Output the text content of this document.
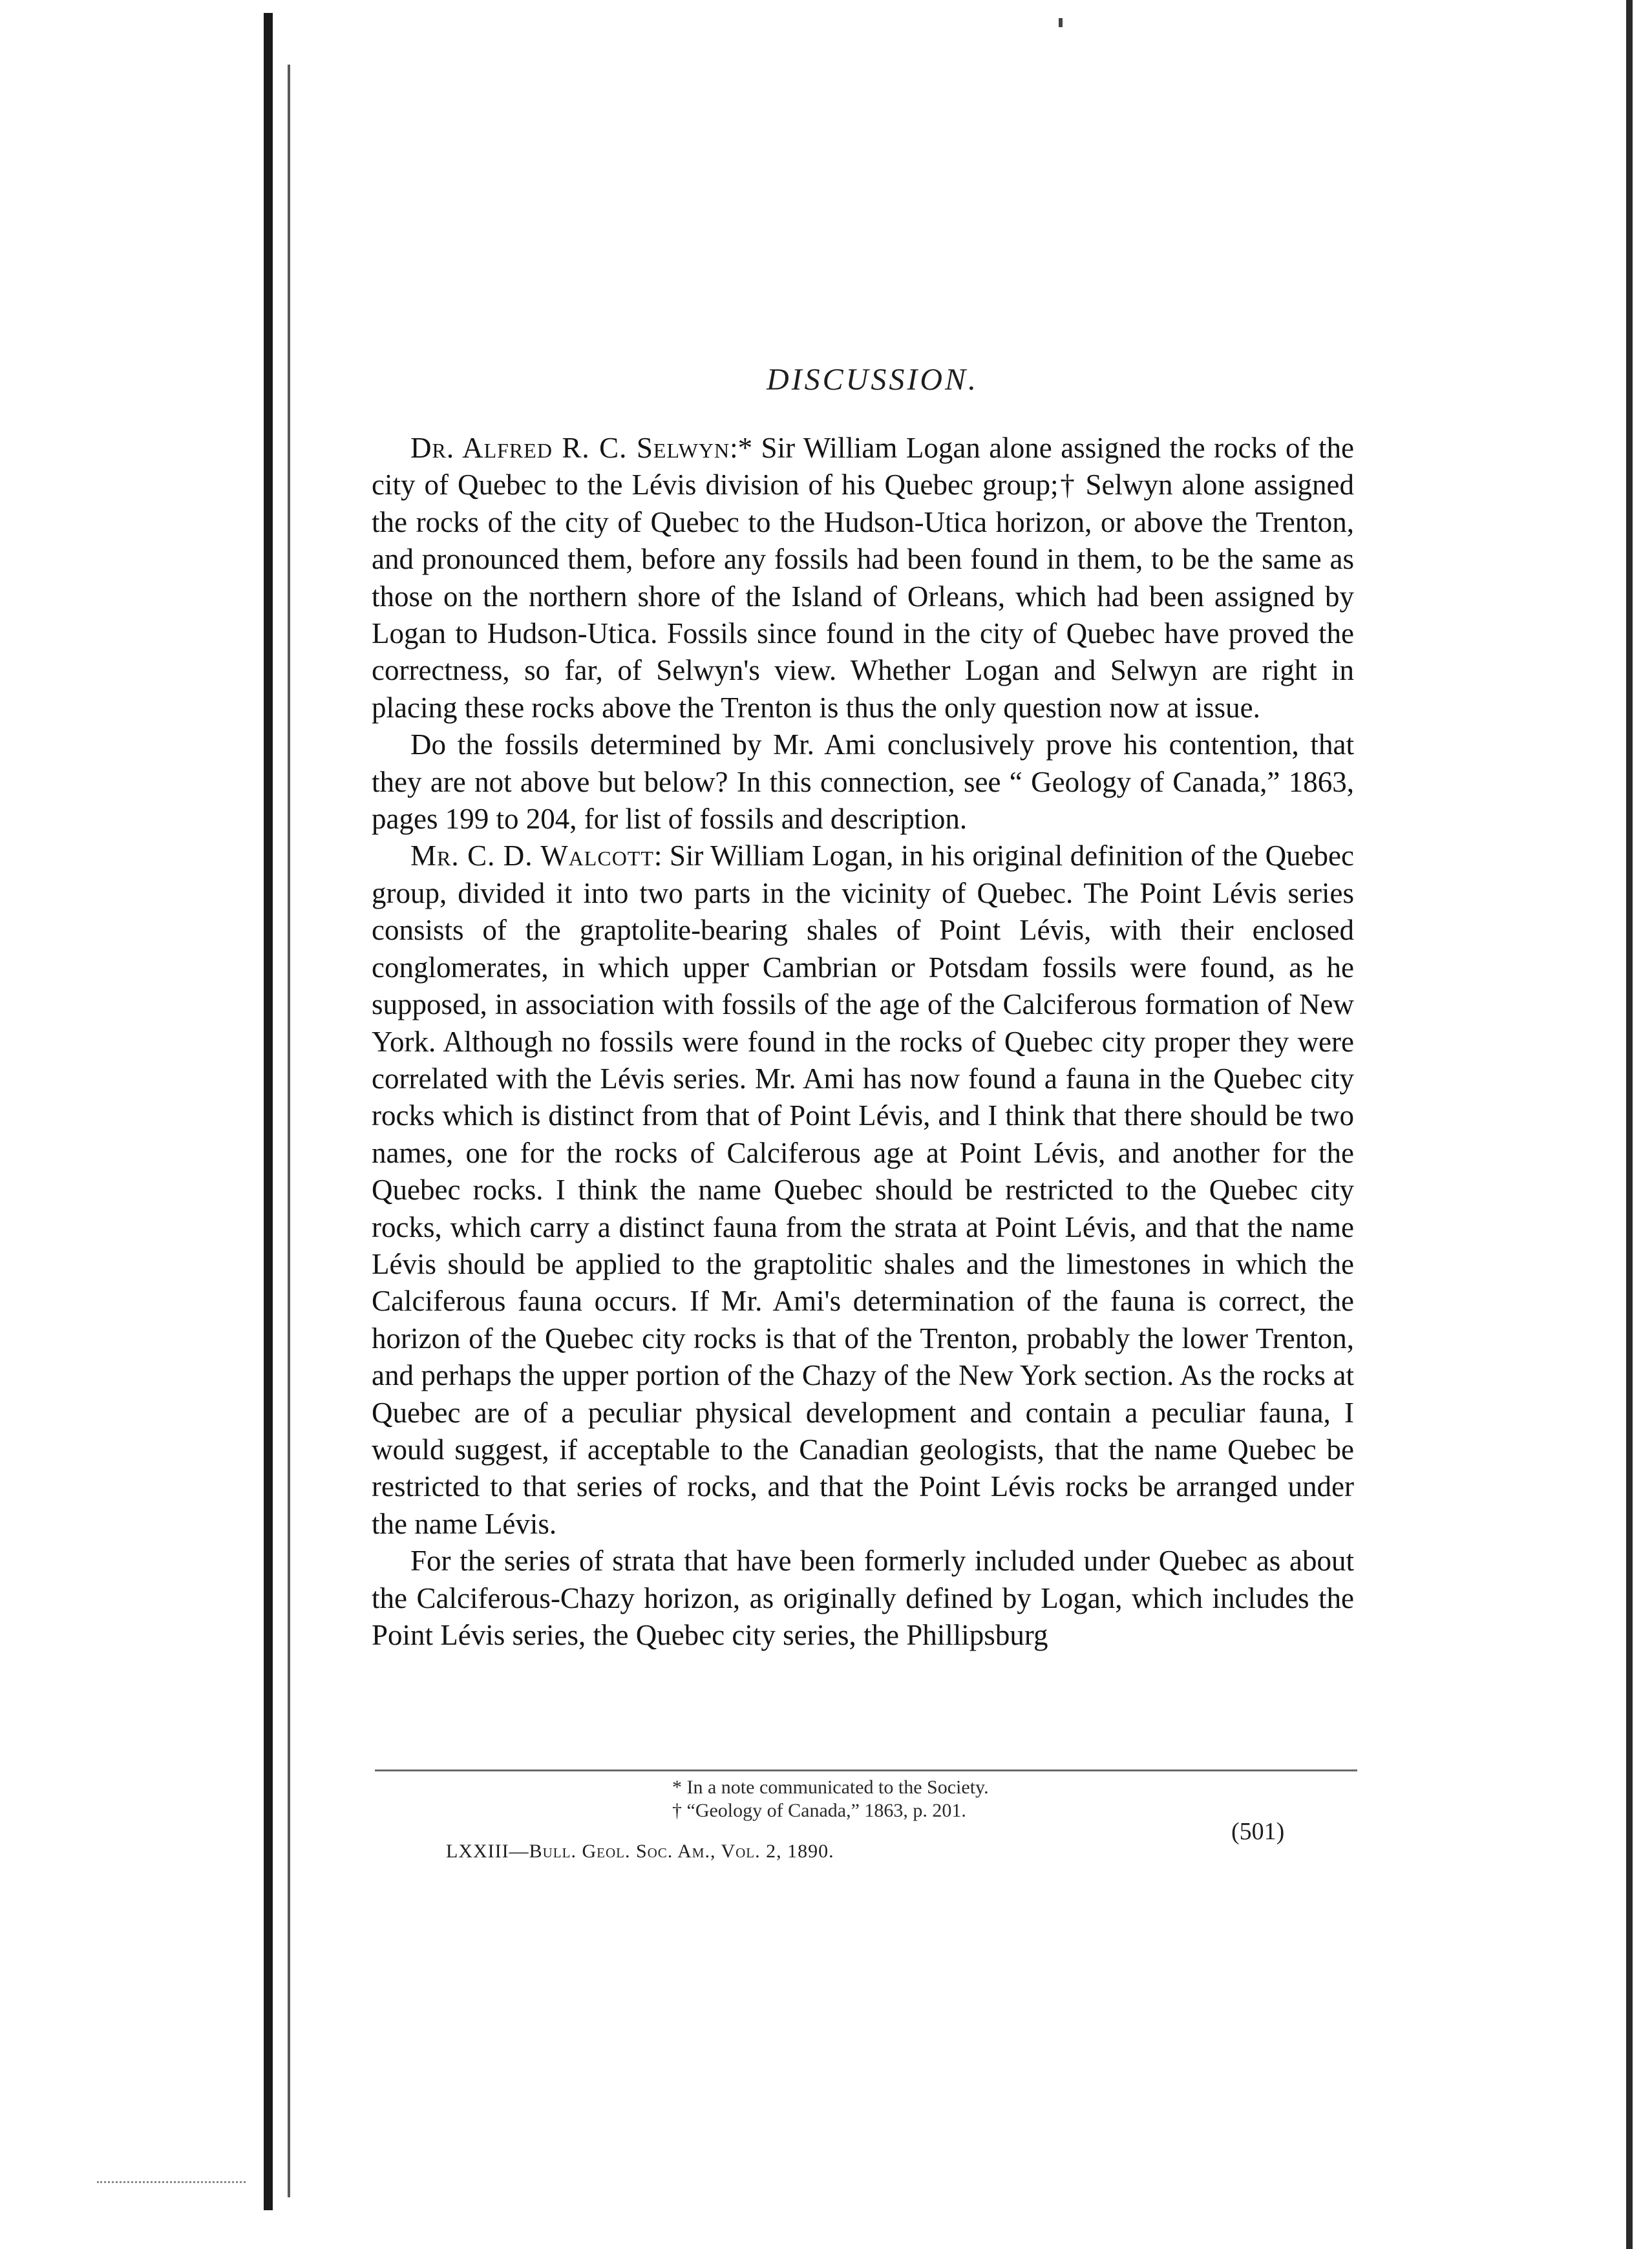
DISCUSSION.

Dr. Alfred R. C. Selwyn:* Sir William Logan alone assigned the rocks of the city of Quebec to the Lévis division of his Quebec group;† Selwyn alone assigned the rocks of the city of Quebec to the Hudson-Utica horizon, or above the Trenton, and pronounced them, before any fossils had been found in them, to be the same as those on the northern shore of the Island of Orleans, which had been assigned by Logan to Hudson-Utica. Fossils since found in the city of Quebec have proved the correctness, so far, of Selwyn's view. Whether Logan and Selwyn are right in placing these rocks above the Trenton is thus the only question now at issue.

Do the fossils determined by Mr. Ami conclusively prove his contention, that they are not above but below? In this connection, see “ Geology of Canada,” 1863, pages 199 to 204, for list of fossils and description.

Mr. C. D. Walcott: Sir William Logan, in his original definition of the Quebec group, divided it into two parts in the vicinity of Quebec. The Point Lévis series consists of the graptolite-bearing shales of Point Lévis, with their enclosed conglomerates, in which upper Cambrian or Potsdam fossils were found, as he supposed, in association with fossils of the age of the Calciferous formation of New York. Although no fossils were found in the rocks of Quebec city proper they were correlated with the Lévis series. Mr. Ami has now found a fauna in the Quebec city rocks which is distinct from that of Point Lévis, and I think that there should be two names, one for the rocks of Calciferous age at Point Lévis, and another for the Quebec rocks. I think the name Quebec should be restricted to the Quebec city rocks, which carry a distinct fauna from the strata at Point Lévis, and that the name Lévis should be applied to the graptolitic shales and the limestones in which the Calciferous fauna occurs. If Mr. Ami's determination of the fauna is correct, the horizon of the Quebec city rocks is that of the Trenton, probably the lower Trenton, and perhaps the upper portion of the Chazy of the New York section. As the rocks at Quebec are of a peculiar physical development and contain a peculiar fauna, I would suggest, if acceptable to the Canadian geologists, that the name Quebec be restricted to that series of rocks, and that the Point Lévis rocks be arranged under the name Lévis.

For the series of strata that have been formerly included under Quebec as about the Calciferous-Chazy horizon, as originally defined by Logan, which includes the Point Lévis series, the Quebec city series, the Phillipsburg

* In a note communicated to the Society.
† “Geology of Canada,” 1863, p. 201.
LXXIII—Bull. Geol. Soc. Am., Vol. 2, 1890.
(501)
